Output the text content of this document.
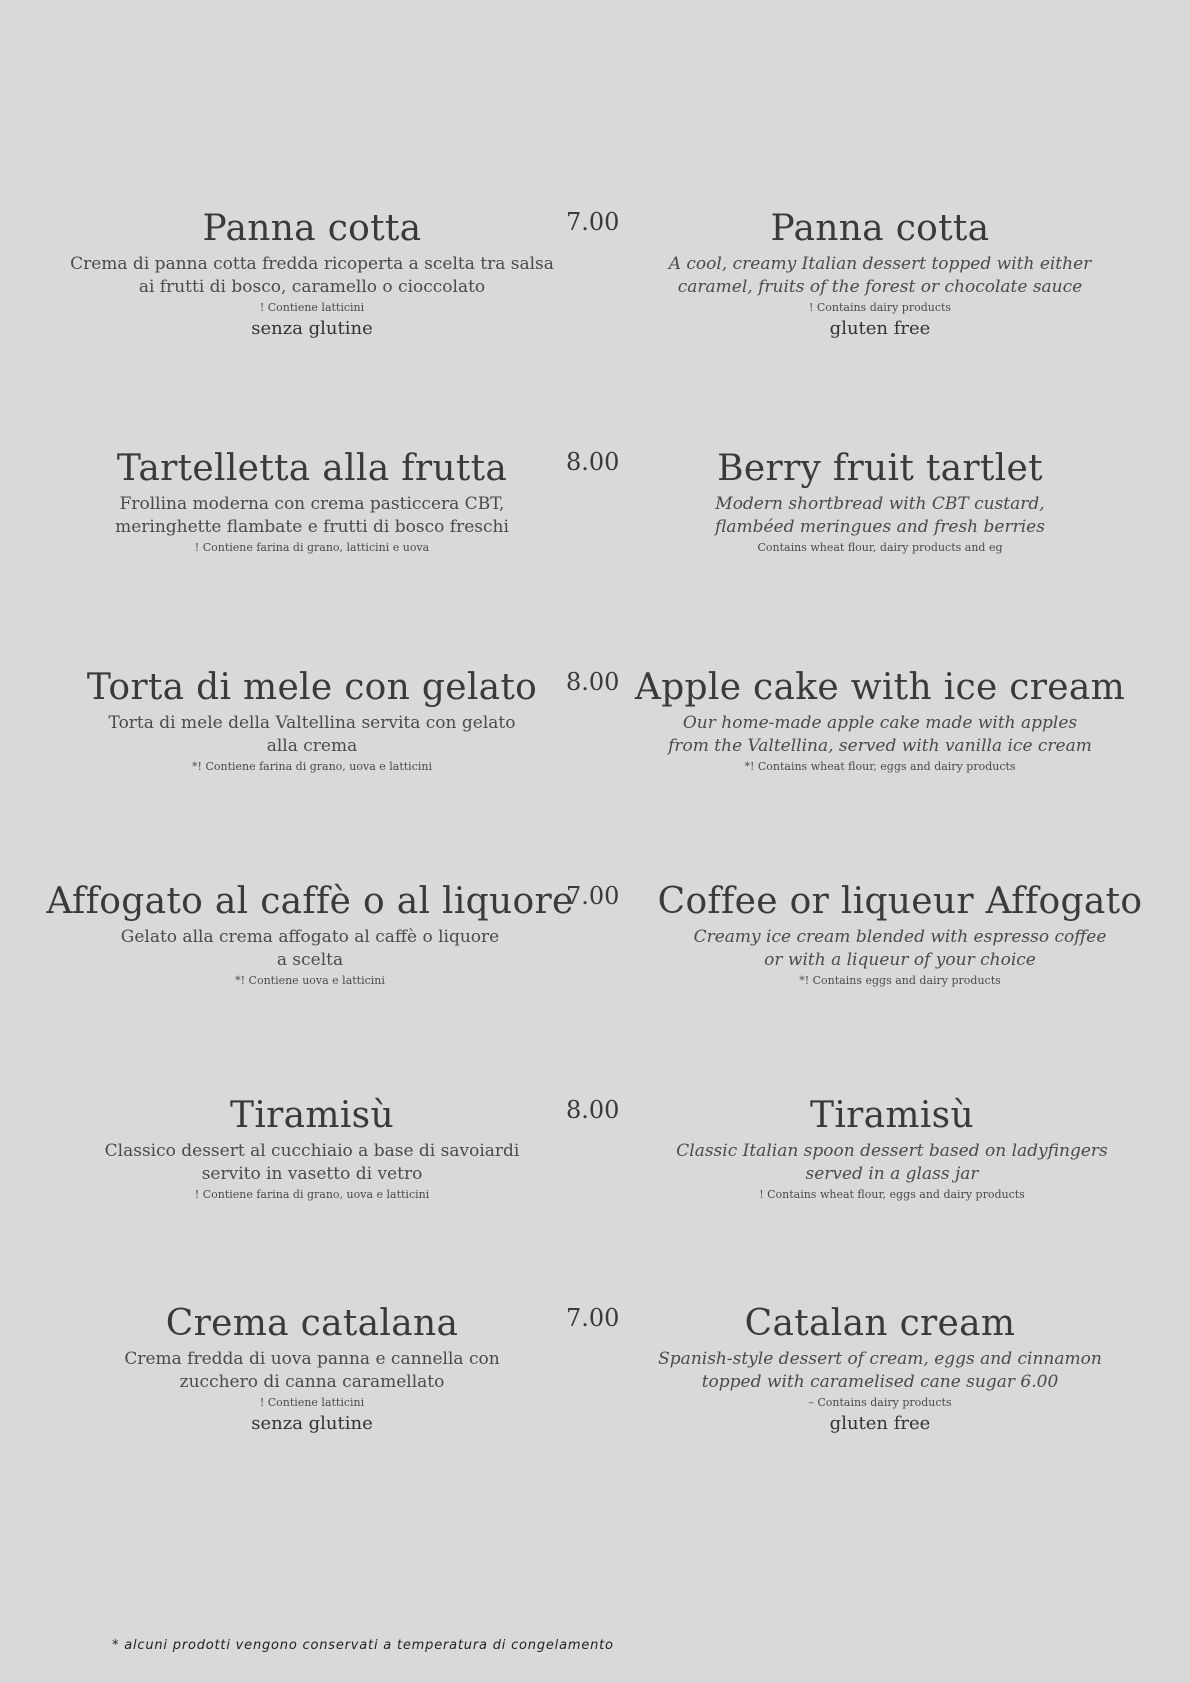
Panna cotta
Crema di panna cotta fredda ricoperta a scelta tra salsa
ai frutti di bosco, caramello o cioccolato
! Contiene latticini
senza glutine
7.00	Panna cotta
A cool, creamy Italian dessert topped with either
caramel, fruits of the forest or chocolate sauce
! Contains dairy products
gluten free
Tartelletta alla frutta
Frollina moderna con crema pasticcera CBT,
meringhette flambate e frutti di bosco freschi
! Contiene farina di grano, latticini e uova
8.00	Berry fruit tartlet
Modern shortbread with CBT custard,
flambéed meringues and fresh berries
Contains wheat flour, dairy products and eg
Torta di mele con gelato
Torta di mele della Valtellina servita con gelato
alla crema
*! Contiene farina di grano, uova e latticini
8.00 Apple cake with ice cream
Our home-made apple cake made with apples
from the Valtellina, served with vanilla ice cream
*! Contains wheat flour, eggs and dairy products
Affogato al caffè o al liquore
Gelato alla crema affogato al caffè o liquore
a scelta
*! Contiene uova e latticini
7.00	Coffee or liqueur Affogato
Creamy ice cream blended with espresso coffee
or with a liqueur of your choice
*! Contains eggs and dairy products
Tiramisù
Classico dessert al cucchiaio a base di savoiardi
servito in vasetto di vetro
! Contiene farina di grano, uova e latticini
8.00	Tiramisù
Classic Italian spoon dessert based on ladyfingers
served in a glass jar
! Contains wheat flour, eggs and dairy products
Crema catalana
Crema fredda di uova panna e cannella con
zucchero di canna caramellato
! Contiene latticini
senza glutine
7.00	Catalan cream
Spanish-style dessert of cream, eggs and cinnamon
topped with caramelised cane sugar 6.00
– Contains dairy products
gluten free
* alcuni prodotti vengono conservati a temperatura di congelamento
